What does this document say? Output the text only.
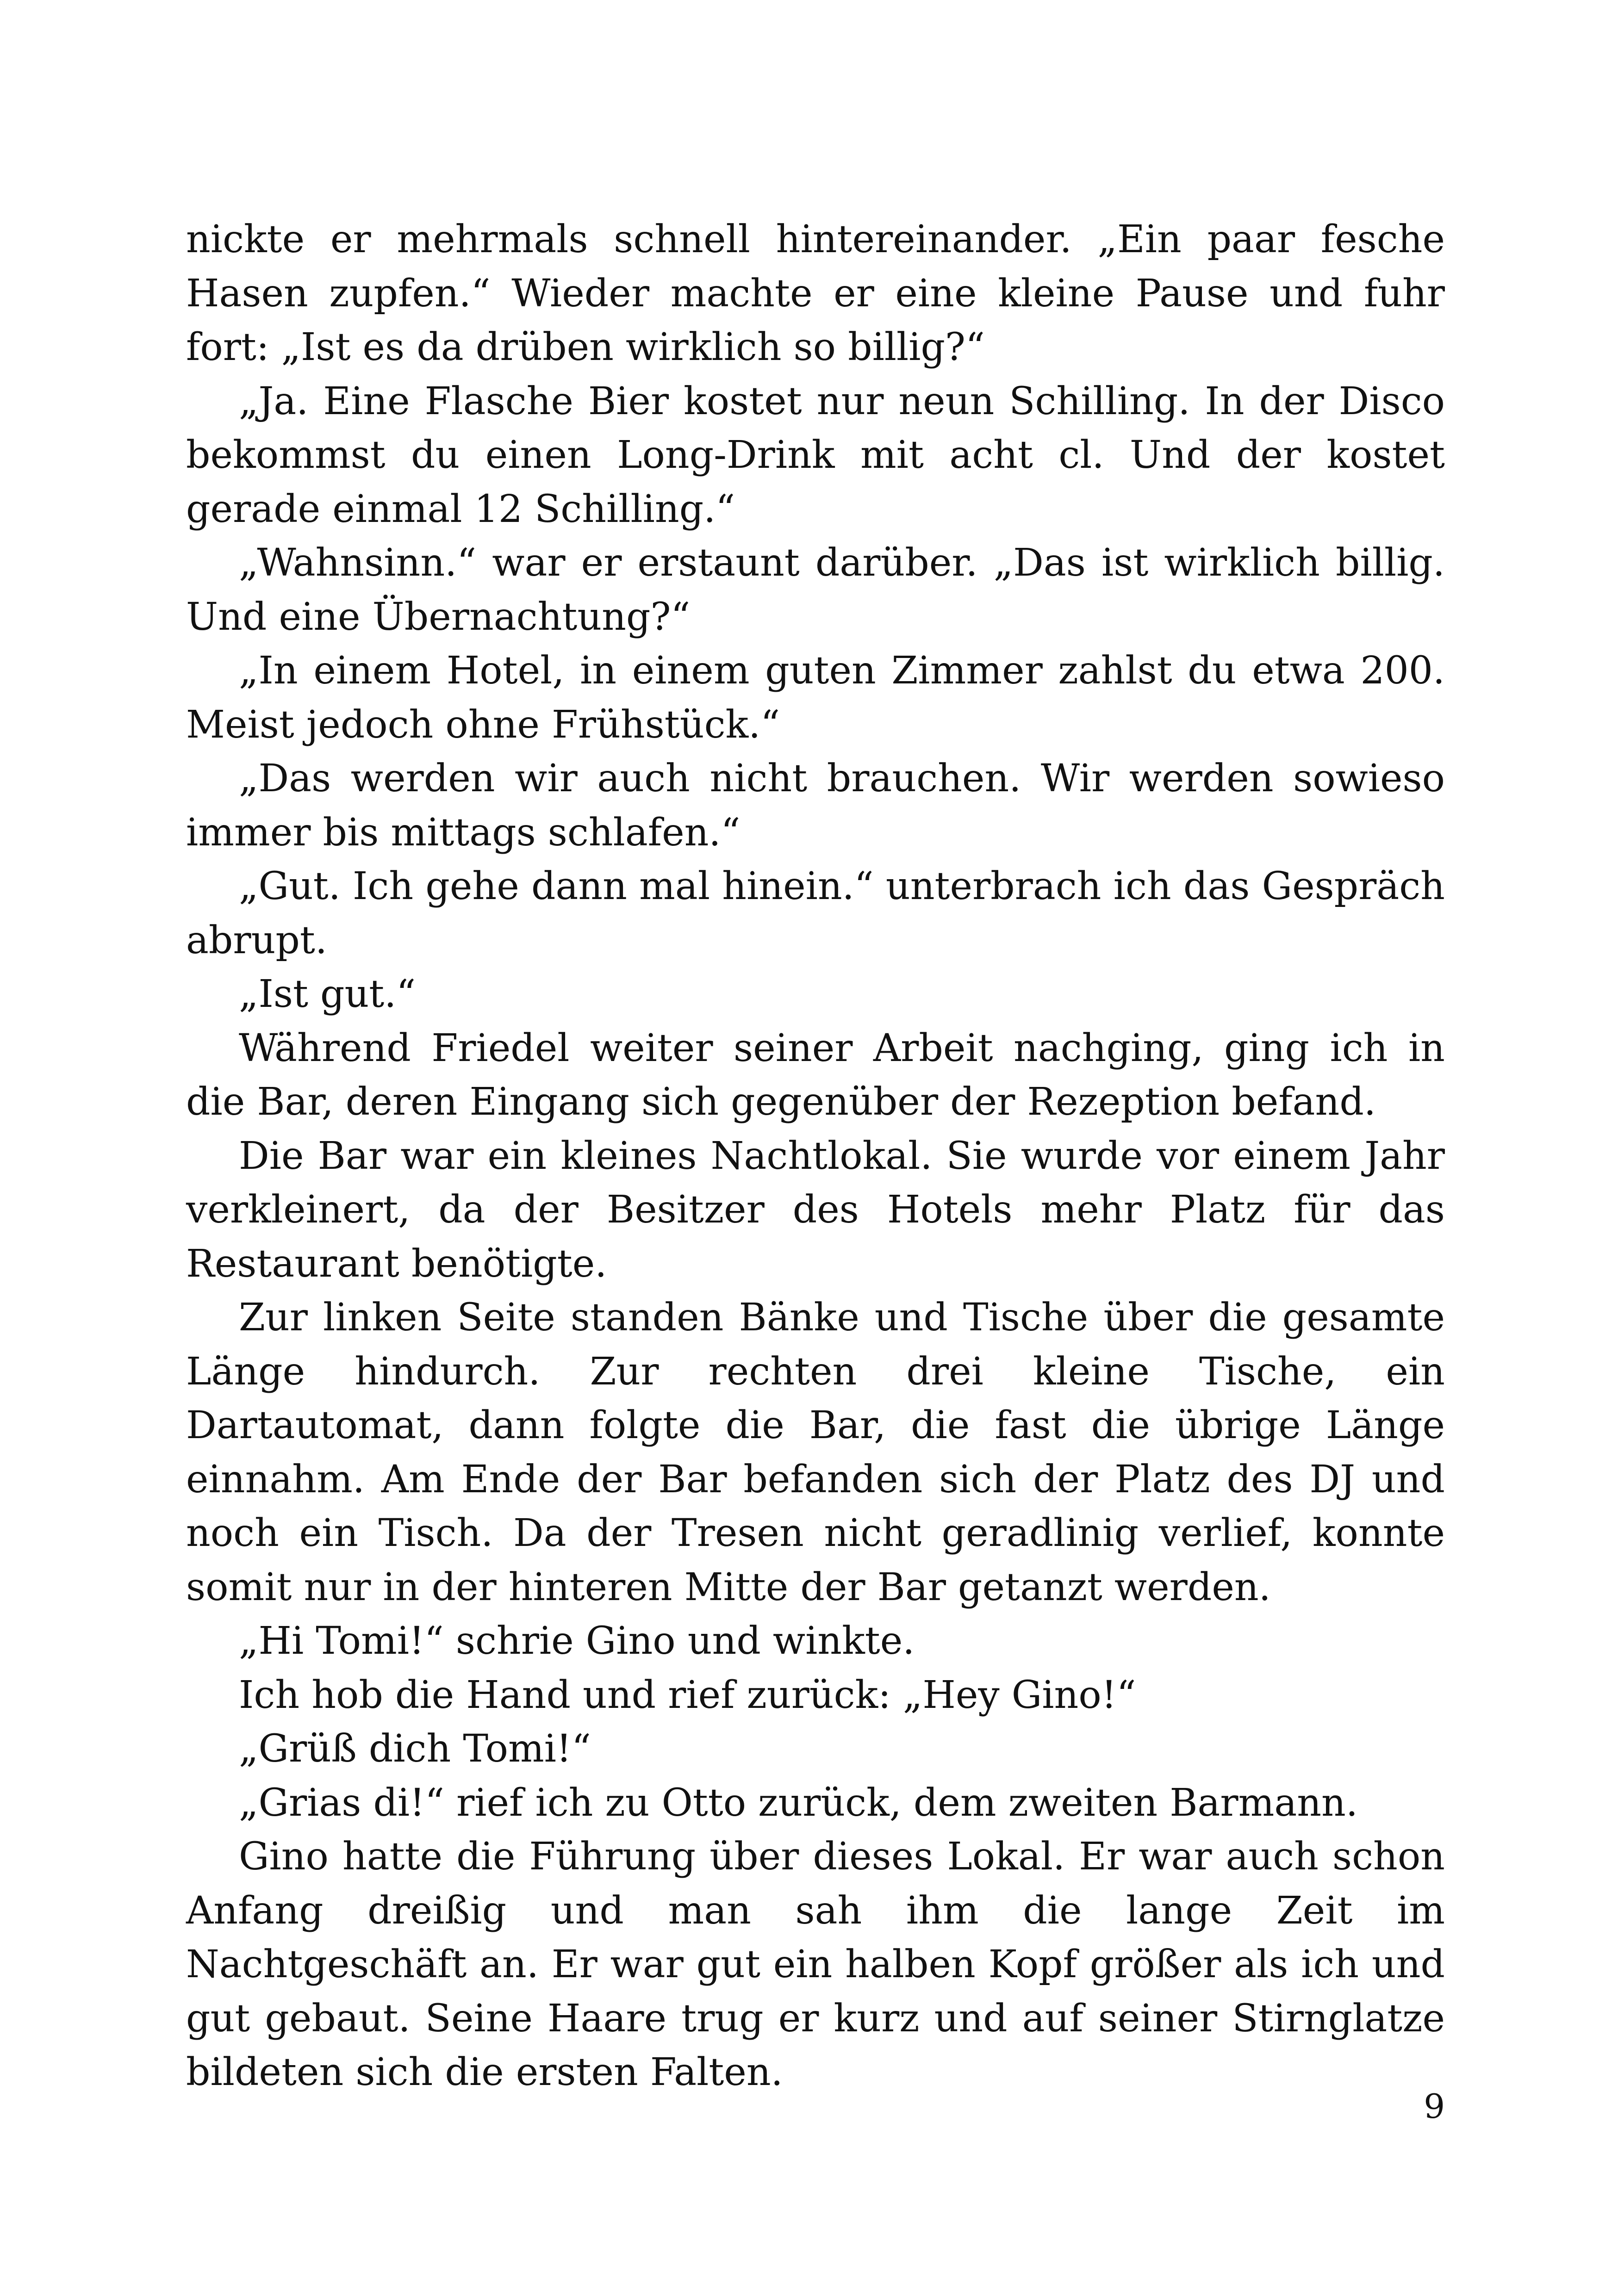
nickte er mehrmals schnell hintereinander. „Ein paar fesche Hasen zupfen.“ Wieder machte er eine kleine Pause und fuhr fort: „Ist es da drüben wirklich so billig?“

„Ja. Eine Flasche Bier kostet nur neun Schilling. In der Disco bekommst du einen Long-Drink mit acht cl. Und der kostet gerade einmal 12 Schilling.“

„Wahnsinn.“ war er erstaunt darüber. „Das ist wirklich billig. Und eine Übernachtung?“

„In einem Hotel, in einem guten Zimmer zahlst du etwa 200. Meist jedoch ohne Frühstück.“

„Das werden wir auch nicht brauchen. Wir werden sowieso immer bis mittags schlafen.“

„Gut. Ich gehe dann mal hinein.“ unterbrach ich das Gespräch abrupt.

„Ist gut.“

Während Friedel weiter seiner Arbeit nachging, ging ich in die Bar, deren Eingang sich gegenüber der Rezeption befand.

Die Bar war ein kleines Nachtlokal. Sie wurde vor einem Jahr verkleinert, da der Besitzer des Hotels mehr Platz für das Restaurant benötigte.

Zur linken Seite standen Bänke und Tische über die gesamte Länge hindurch. Zur rechten drei kleine Tische, ein Dartautomat, dann folgte die Bar, die fast die übrige Länge einnahm. Am Ende der Bar befanden sich der Platz des DJ und noch ein Tisch. Da der Tresen nicht geradlinig verlief, konnte somit nur in der hinteren Mitte der Bar getanzt werden.

„Hi Tomi!“ schrie Gino und winkte.

Ich hob die Hand und rief zurück: „Hey Gino!“

„Grüß dich Tomi!“

„Grias di!“ rief ich zu Otto zurück, dem zweiten Barmann.

Gino hatte die Führung über dieses Lokal. Er war auch schon Anfang dreißig und man sah ihm die lange Zeit im Nachtgeschäft an. Er war gut ein halben Kopf größer als ich und gut gebaut. Seine Haare trug er kurz und auf seiner Stirnglatze bildeten sich die ersten Falten.

9
